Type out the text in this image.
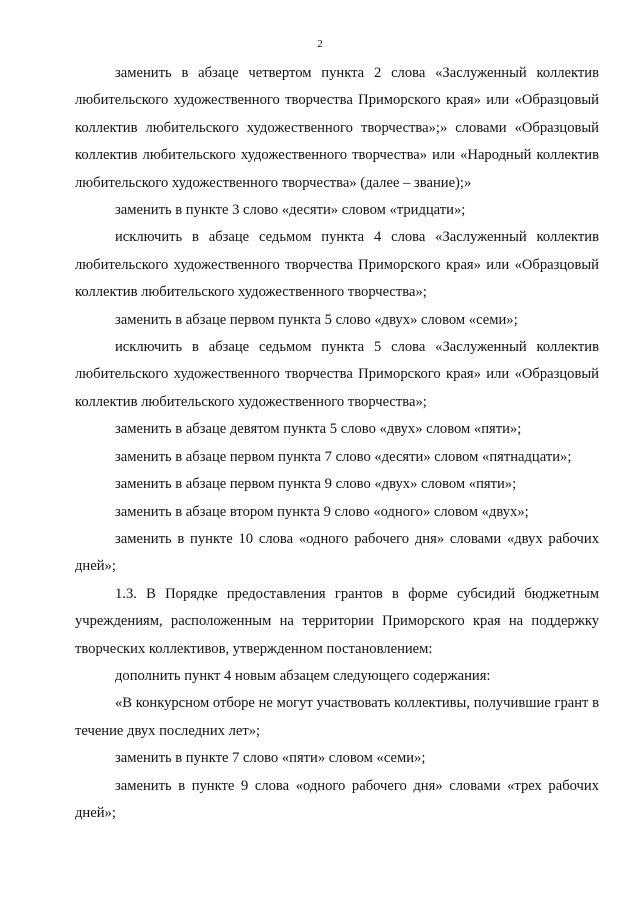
2

заменить в абзаце четвертом пункта 2 слова «Заслуженный коллектив любительского художественного творчества Приморского края» или «Образцовый коллектив любительского художественного творчества»;» словами «Образцовый коллектив любительского художественного творчества» или «Народный коллектив любительского художественного творчества» (далее – звание);»

заменить в пункте 3 слово «десяти» словом «тридцати»;

исключить в абзаце седьмом пункта 4 слова «Заслуженный коллектив любительского художественного творчества Приморского края» или «Образцовый коллектив любительского художественного творчества»;

заменить в абзаце первом пункта 5 слово «двух» словом «семи»;

исключить в абзаце седьмом пункта 5 слова «Заслуженный коллектив любительского художественного творчества Приморского края» или «Образцовый коллектив любительского художественного творчества»;

заменить в абзаце девятом пункта 5 слово «двух» словом «пяти»;

заменить в абзаце первом пункта 7 слово «десяти» словом «пятнадцати»;

заменить в абзаце первом пункта 9 слово «двух» словом «пяти»;

заменить в абзаце втором пункта 9 слово «одного» словом «двух»;

заменить в пункте 10 слова «одного рабочего дня» словами «двух рабочих дней»;

1.3. В Порядке предоставления грантов в форме субсидий бюджетным учреждениям, расположенным на территории Приморского края на поддержку творческих коллективов, утвержденном постановлением:

дополнить пункт 4 новым абзацем следующего содержания:

«В конкурсном отборе не могут участвовать коллективы, получившие грант в течение двух последних лет»;

заменить в пункте 7 слово «пяти» словом «семи»;

заменить в пункте 9 слова «одного рабочего дня» словами «трех рабочих дней»;
